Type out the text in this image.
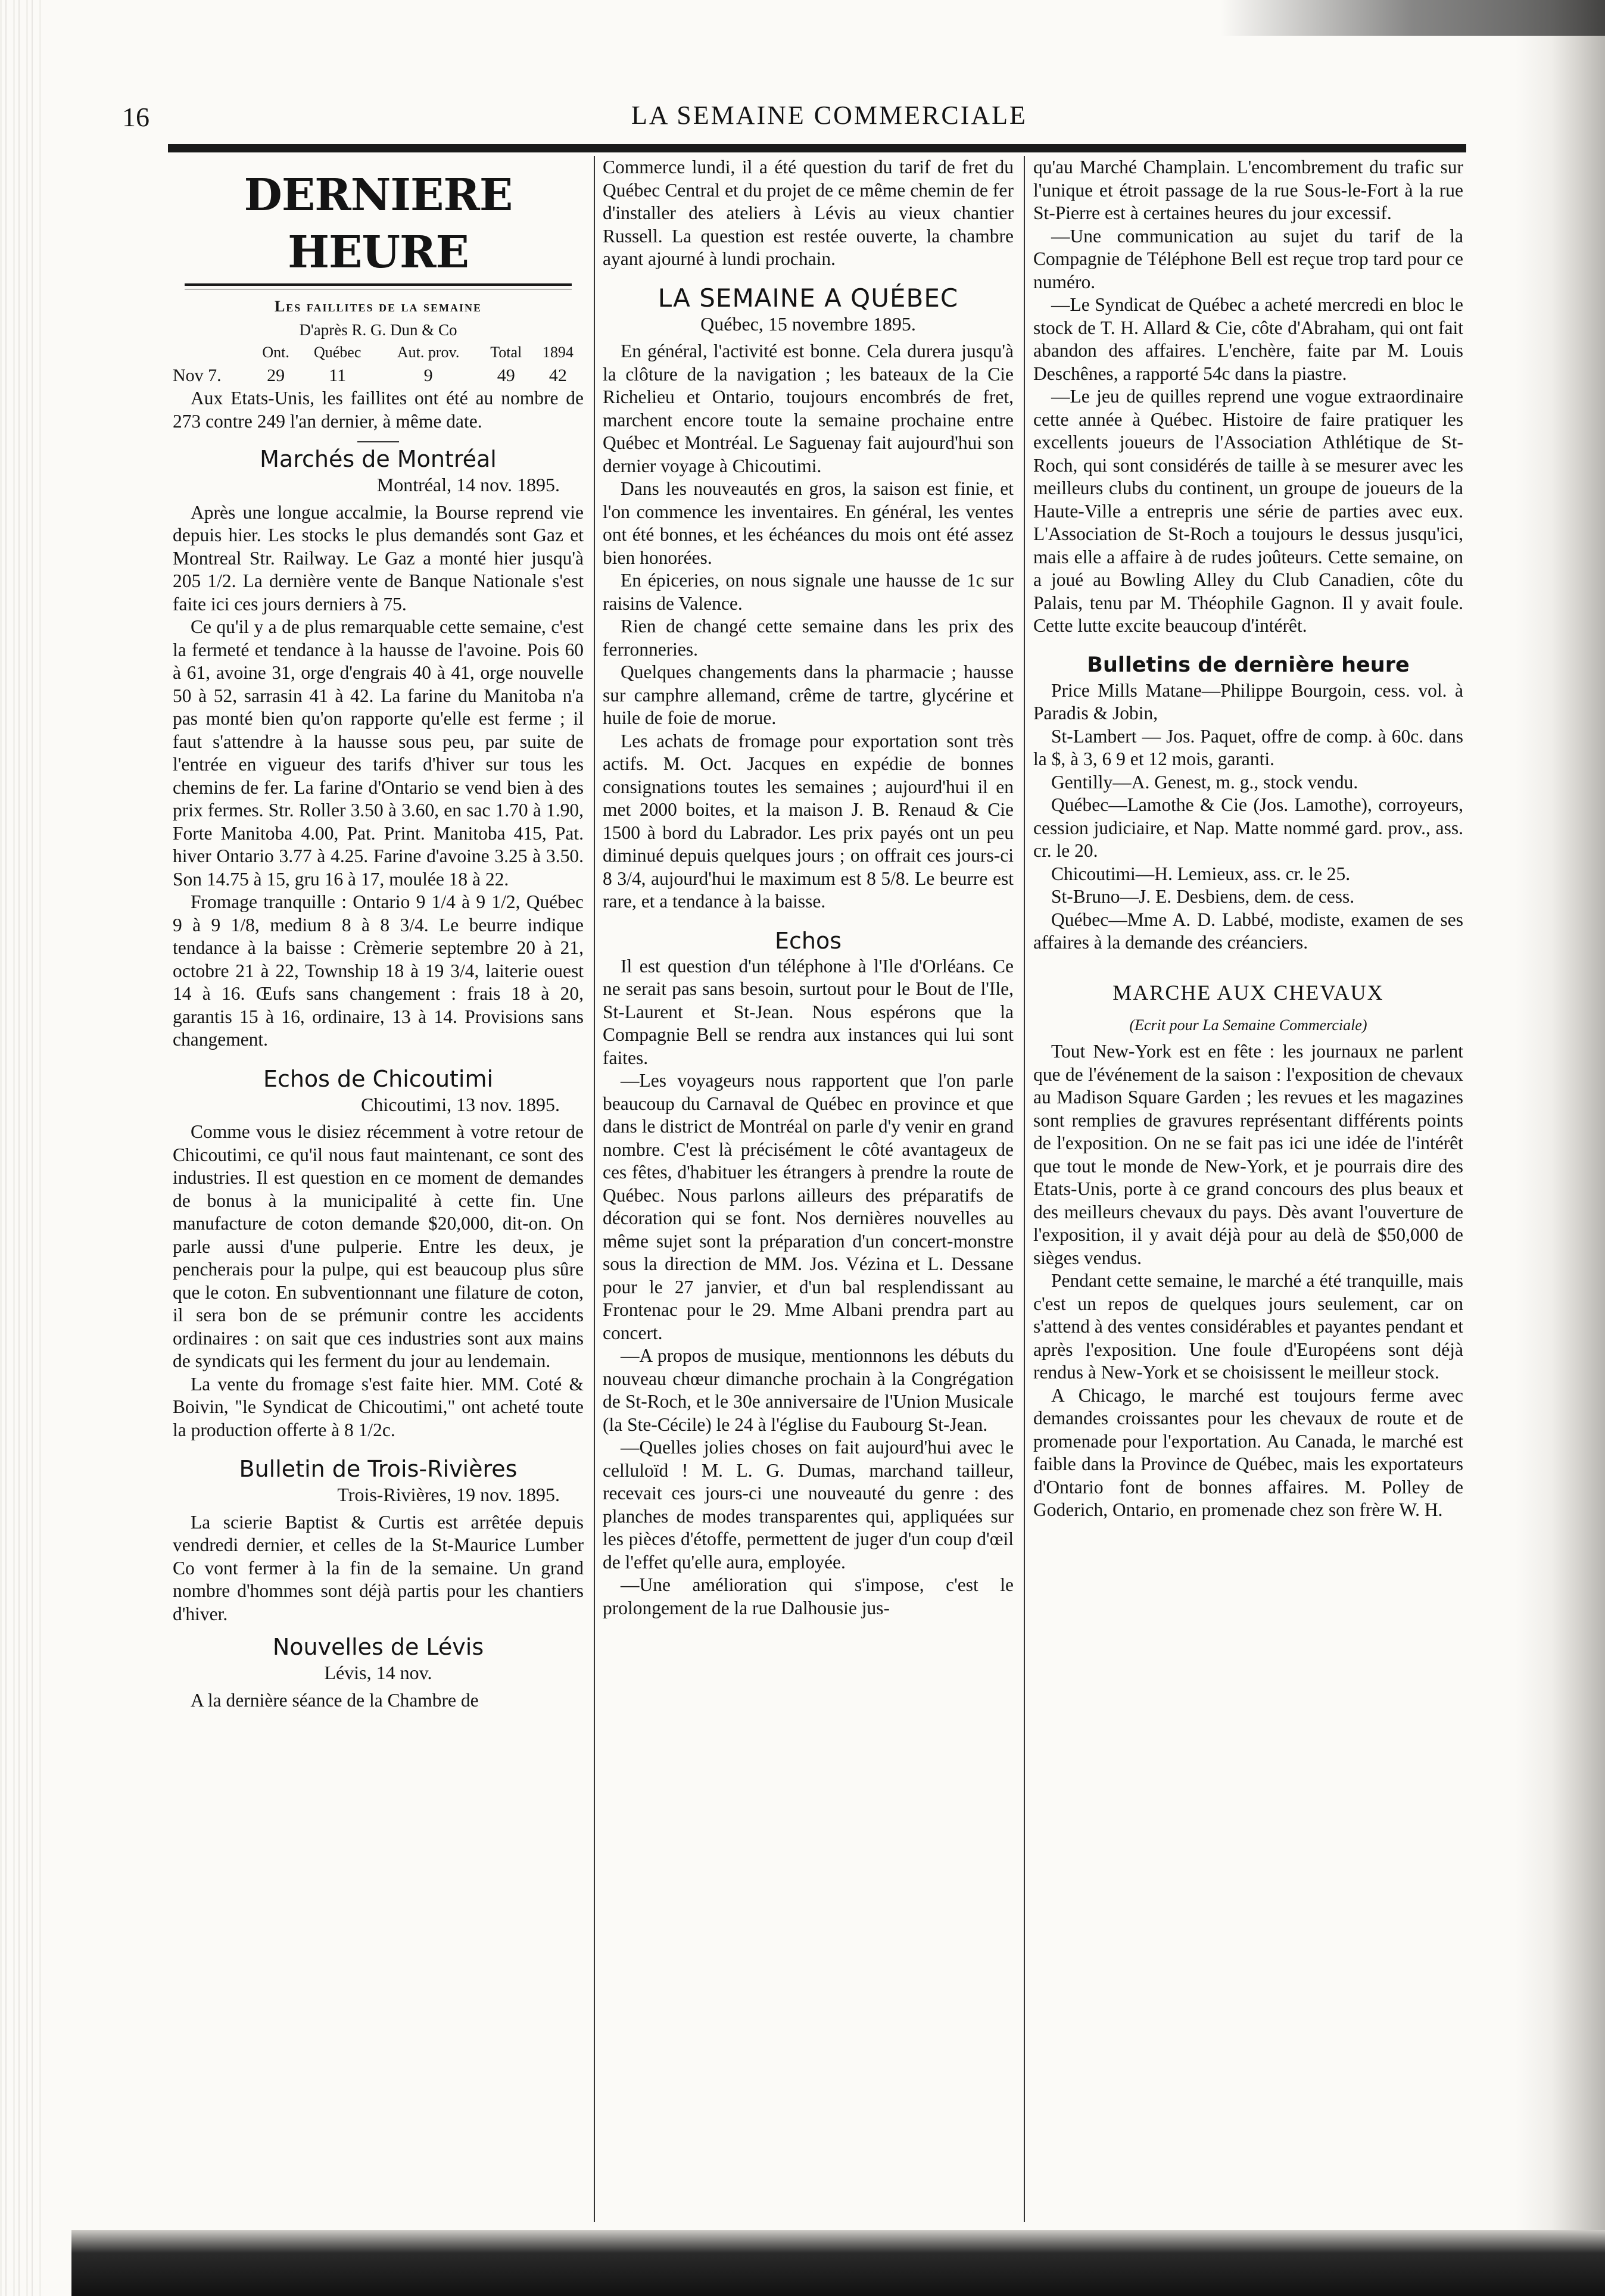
16	LA SEMAINE COMMERCIALE
DERNIERE HEURE
Les faillites de la semaine
D'après R. G. Dun & Co
	Ont.	Québec	Aut. prov.	Total	1894
Nov 7.	29	11	9	49	42

Aux Etats-Unis, les faillites ont été au nombre de 273 contre 249 l'an dernier, à même date.

Marchés de Montréal
Montréal, 14 nov. 1895.

Après une longue accalmie, la Bourse reprend vie depuis hier. Les stocks le plus demandés sont Gaz et Montreal Str. Railway. Le Gaz a monté hier jusqu'à 205 1/2. La dernière vente de Banque Nationale s'est faite ici ces jours derniers à 75.

Ce qu'il y a de plus remarquable cette semaine, c'est la fermeté et tendance à la hausse de l'avoine. Pois 60 à 61, avoine 31, orge d'engrais 40 à 41, orge nouvelle 50 à 52, sarrasin 41 à 42. La farine du Manitoba n'a pas monté bien qu'on rapporte qu'elle est ferme ; il faut s'attendre à la hausse sous peu, par suite de l'entrée en vigueur des tarifs d'hiver sur tous les chemins de fer. La farine d'Ontario se vend bien à des prix fermes. Str. Roller 3.50 à 3.60, en sac 1.70 à 1.90, Forte Manitoba 4.00, Pat. Print. Manitoba 415, Pat. hiver Ontario 3.77 à 4.25. Farine d'avoine 3.25 à 3.50. Son 14.75 à 15, gru 16 à 17, moulée 18 à 22.

Fromage tranquille : Ontario 9 1/4 à 9 1/2, Québec 9 à 9 1/8, medium 8 à 8 3/4. Le beurre indique tendance à la baisse : Crèmerie septembre 20 à 21, octobre 21 à 22, Township 18 à 19 3/4, laiterie ouest 14 à 16. Œufs sans changement : frais 18 à 20, garantis 15 à 16, ordinaire, 13 à 14. Provisions sans changement.

Echos de Chicoutimi
Chicoutimi, 13 nov. 1895.

Comme vous le disiez récemment à votre retour de Chicoutimi, ce qu'il nous faut maintenant, ce sont des industries. Il est question en ce moment de demandes de bonus à la municipalité à cette fin. Une manufacture de coton demande $20,000, dit-on. On parle aussi d'une pulperie. Entre les deux, je pencherais pour la pulpe, qui est beaucoup plus sûre que le coton. En subventionnant une filature de coton, il sera bon de se prémunir contre les accidents ordinaires : on sait que ces industries sont aux mains de syndicats qui les ferment du jour au lendemain.

La vente du fromage s'est faite hier. MM. Coté & Boivin, "le Syndicat de Chicoutimi," ont acheté toute la production offerte à 8 1/2c.

Bulletin de Trois-Rivières
Trois-Rivières, 19 nov. 1895.

La scierie Baptist & Curtis est arrêtée depuis vendredi dernier, et celles de la St-Maurice Lumber Co vont fermer à la fin de la semaine. Un grand nombre d'hommes sont déjà partis pour les chantiers d'hiver.

Nouvelles de Lévis
Lévis, 14 nov.

A la dernière séance de la Chambre de

Commerce lundi, il a été question du tarif de fret du Québec Central et du projet de ce même chemin de fer d'installer des ateliers à Lévis au vieux chantier Russell. La question est restée ouverte, la chambre ayant ajourné à lundi prochain.

LA SEMAINE A QUÉBEC
Québec, 15 novembre 1895.

En général, l'activité est bonne. Cela durera jusqu'à la clôture de la navigation ; les bateaux de la Cie Richelieu et Ontario, toujours encombrés de fret, marchent encore toute la semaine prochaine entre Québec et Montréal. Le Saguenay fait aujourd'hui son dernier voyage à Chicoutimi.

Dans les nouveautés en gros, la saison est finie, et l'on commence les inventaires. En général, les ventes ont été bonnes, et les échéances du mois ont été assez bien honorées.

En épiceries, on nous signale une hausse de 1c sur raisins de Valence.

Rien de changé cette semaine dans les prix des ferronneries.

Quelques changements dans la pharmacie ; hausse sur camphre allemand, crême de tartre, glycérine et huile de foie de morue.

Les achats de fromage pour exportation sont très actifs. M. Oct. Jacques en expédie de bonnes consignations toutes les semaines ; aujourd'hui il en met 2000 boites, et la maison J. B. Renaud & Cie 1500 à bord du Labrador. Les prix payés ont un peu diminué depuis quelques jours ; on offrait ces jours-ci 8 3/4, aujourd'hui le maximum est 8 5/8. Le beurre est rare, et a tendance à la baisse.

Echos

Il est question d'un téléphone à l'Ile d'Orléans. Ce ne serait pas sans besoin, surtout pour le Bout de l'Ile, St-Laurent et St-Jean. Nous espérons que la Compagnie Bell se rendra aux instances qui lui sont faites.

—Les voyageurs nous rapportent que l'on parle beaucoup du Carnaval de Québec en province et que dans le district de Montréal on parle d'y venir en grand nombre. C'est là précisément le côté avantageux de ces fêtes, d'habituer les étrangers à prendre la route de Québec. Nous parlons ailleurs des préparatifs de décoration qui se font. Nos dernières nouvelles au même sujet sont la préparation d'un concert-monstre sous la direction de MM. Jos. Vézina et L. Dessane pour le 27 janvier, et d'un bal resplendissant au Frontenac pour le 29. Mme Albani prendra part au concert.

—A propos de musique, mentionnons les débuts du nouveau chœur dimanche prochain à la Congrégation de St-Roch, et le 30e anniversaire de l'Union Musicale (la Ste-Cécile) le 24 à l'église du Faubourg St-Jean.

—Quelles jolies choses on fait aujourd'hui avec le celluloïd ! M. L. G. Dumas, marchand tailleur, recevait ces jours-ci une nouveauté du genre : des planches de modes transparentes qui, appliquées sur les pièces d'étoffe, permettent de juger d'un coup d'œil de l'effet qu'elle aura, employée.

—Une amélioration qui s'impose, c'est le prolongement de la rue Dalhousie jus-

qu'au Marché Champlain. L'encombrement du trafic sur l'unique et étroit passage de la rue Sous-le-Fort à la rue St-Pierre est à certaines heures du jour excessif.

—Une communication au sujet du tarif de la Compagnie de Téléphone Bell est reçue trop tard pour ce numéro.

—Le Syndicat de Québec a acheté mercredi en bloc le stock de T. H. Allard & Cie, côte d'Abraham, qui ont fait abandon des affaires. L'enchère, faite par M. Louis Deschênes, a rapporté 54c dans la piastre.

—Le jeu de quilles reprend une vogue extraordinaire cette année à Québec. Histoire de faire pratiquer les excellents joueurs de l'Association Athlétique de St-Roch, qui sont considérés de taille à se mesurer avec les meilleurs clubs du continent, un groupe de joueurs de la Haute-Ville a entrepris une série de parties avec eux. L'Association de St-Roch a toujours le dessus jusqu'ici, mais elle a affaire à de rudes joûteurs. Cette semaine, on a joué au Bowling Alley du Club Canadien, côte du Palais, tenu par M. Théophile Gagnon. Il y avait foule. Cette lutte excite beaucoup d'intérêt.

Bulletins de dernière heure

Price Mills Matane—Philippe Bourgoin, cess. vol. à Paradis & Jobin,

St-Lambert — Jos. Paquet, offre de comp. à 60c. dans la $, à 3, 6 9 et 12 mois, garanti.

Gentilly—A. Genest, m. g., stock vendu.

Québec—Lamothe & Cie (Jos. Lamothe), corroyeurs, cession judiciaire, et Nap. Matte nommé gard. prov., ass. cr. le 20.

Chicoutimi—H. Lemieux, ass. cr. le 25.

St-Bruno—J. E. Desbiens, dem. de cess.

Québec—Mme A. D. Labbé, modiste, examen de ses affaires à la demande des créanciers.

MARCHE AUX CHEVAUX
(Ecrit pour La Semaine Commerciale)

Tout New-York est en fête : les journaux ne parlent que de l'événement de la saison : l'exposition de chevaux au Madison Square Garden ; les revues et les magazines sont remplies de gravures représentant différents points de l'exposition. On ne se fait pas ici une idée de l'intérêt que tout le monde de New-York, et je pourrais dire des Etats-Unis, porte à ce grand concours des plus beaux et des meilleurs chevaux du pays. Dès avant l'ouverture de l'exposition, il y avait déjà pour au delà de $50,000 de sièges vendus.

Pendant cette semaine, le marché a été tranquille, mais c'est un repos de quelques jours seulement, car on s'attend à des ventes considérables et payantes pendant et après l'exposition. Une foule d'Européens sont déjà rendus à New-York et se choisissent le meilleur stock.

A Chicago, le marché est toujours ferme avec demandes croissantes pour les chevaux de route et de promenade pour l'exportation. Au Canada, le marché est faible dans la Province de Québec, mais les exportateurs d'Ontario font de bonnes affaires. M. Polley de Goderich, Ontario, en promenade chez son frère W. H.
